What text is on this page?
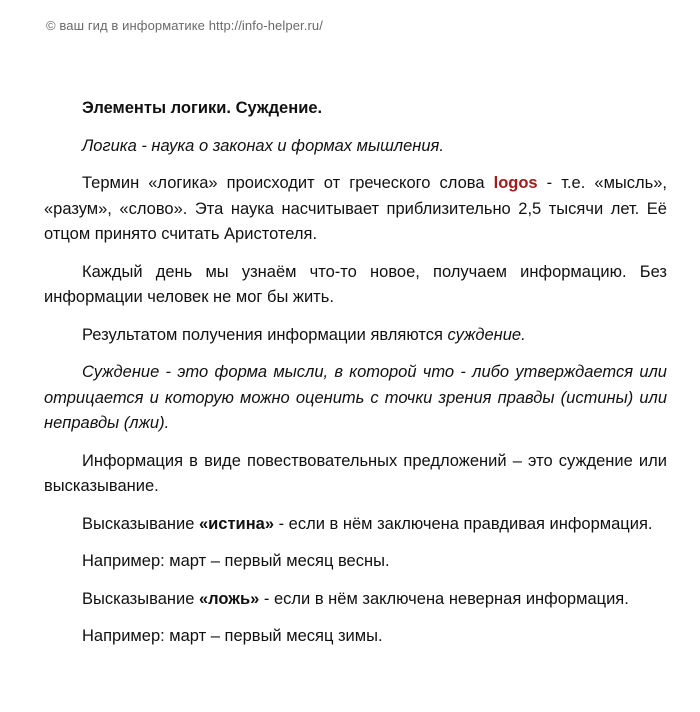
© ваш гид в информатике http://info-helper.ru/

Элементы логики. Суждение.

Логика - наука о законах и формах мышления.

Термин «логика» происходит от греческого слова logos - т.е. «мысль», «разум», «слово». Эта наука насчитывает приблизительно 2,5 тысячи лет. Её отцом принято считать Аристотеля.

Каждый день мы узнаём что-то новое, получаем информацию. Без информации человек не мог бы жить.

Результатом получения информации являются суждение.

Суждение - это форма мысли, в которой что - либо утверждается или отрицается и которую можно оценить с точки зрения правды (истины) или неправды (лжи).

Информация в виде повествовательных предложений – это суждение или высказывание.

Высказывание «истина» - если в нём заключена правдивая информация.

Например: март – первый месяц весны.

Высказывание «ложь» - если в нём заключена неверная информация.

Например: март – первый месяц зимы.
